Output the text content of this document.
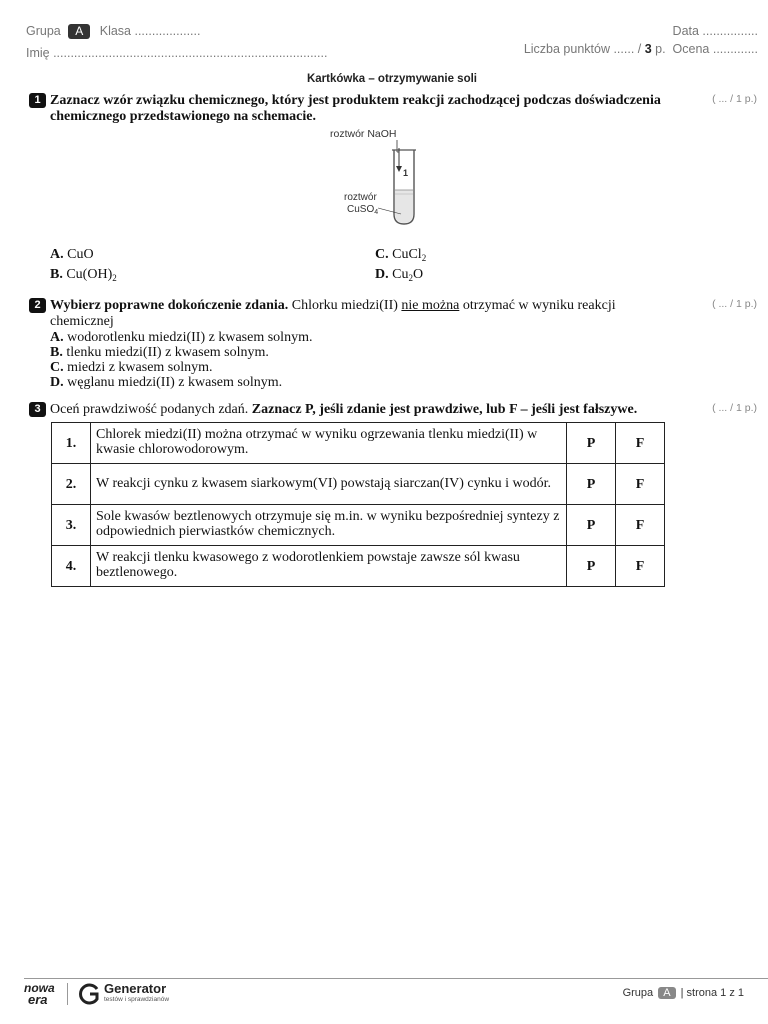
Grupa A Klasa ...................
Imię ...............................................................................
Data ................
Liczba punktów ...... / 3 p. Ocena .............
Kartkówka – otrzymywanie soli
1	( ... / 1 p.)
Zaznacz wzór związku chemicznego, który jest produktem reakcji zachodzącej podczas doświadczenia chemicznego przedstawionego na schemacie.
roztwór NaOH
1
roztwór
CuSO$_4$
A. CuO
B. $Cu(OH)_2$
C. CuCl$_2$
D. $Cu_2O$
2	( ... / 1 p.)
Wybierz poprawne dokończenie zdania. Chlorku miedzi(II) nie można otrzymać w wyniku reakcji chemicznej
A. wodorotlenku miedzi(II) z kwasem solnym.
B. tlenku miedzi(II) z kwasem solnym.
C. miedzi z kwasem solnym.
D. węglanu miedzi(II) z kwasem solnym.
3	( ... / 1 p.)
Oceń prawdziwość podanych zdań. Zaznacz P, jeśli zdanie jest prawdziwe, lub F – jeśli jest fałszywe.
1.	Chlorek miedzi(II) można otrzymać w wyniku ogrzewania tlenku miedzi(II) w kwasie chlorowodorowym.	P	F
2.	W reakcji cynku z kwasem siarkowym(VI) powstają siarczan(IV) cynku i wodór.	P	F
3.	Sole kwasów beztlenowych otrzymuje się m.in. w wyniku bezpośredniej syntezy z odpowiednich pierwiastków chemicznych.	P	F
4.	W reakcji tlenku kwasowego z wodorotlenkiem powstaje zawsze sól kwasu beztlenowego.	P	F
nowa
era
Generator
testów i sprawdzianów
Grupa A | strona 1 z 1
